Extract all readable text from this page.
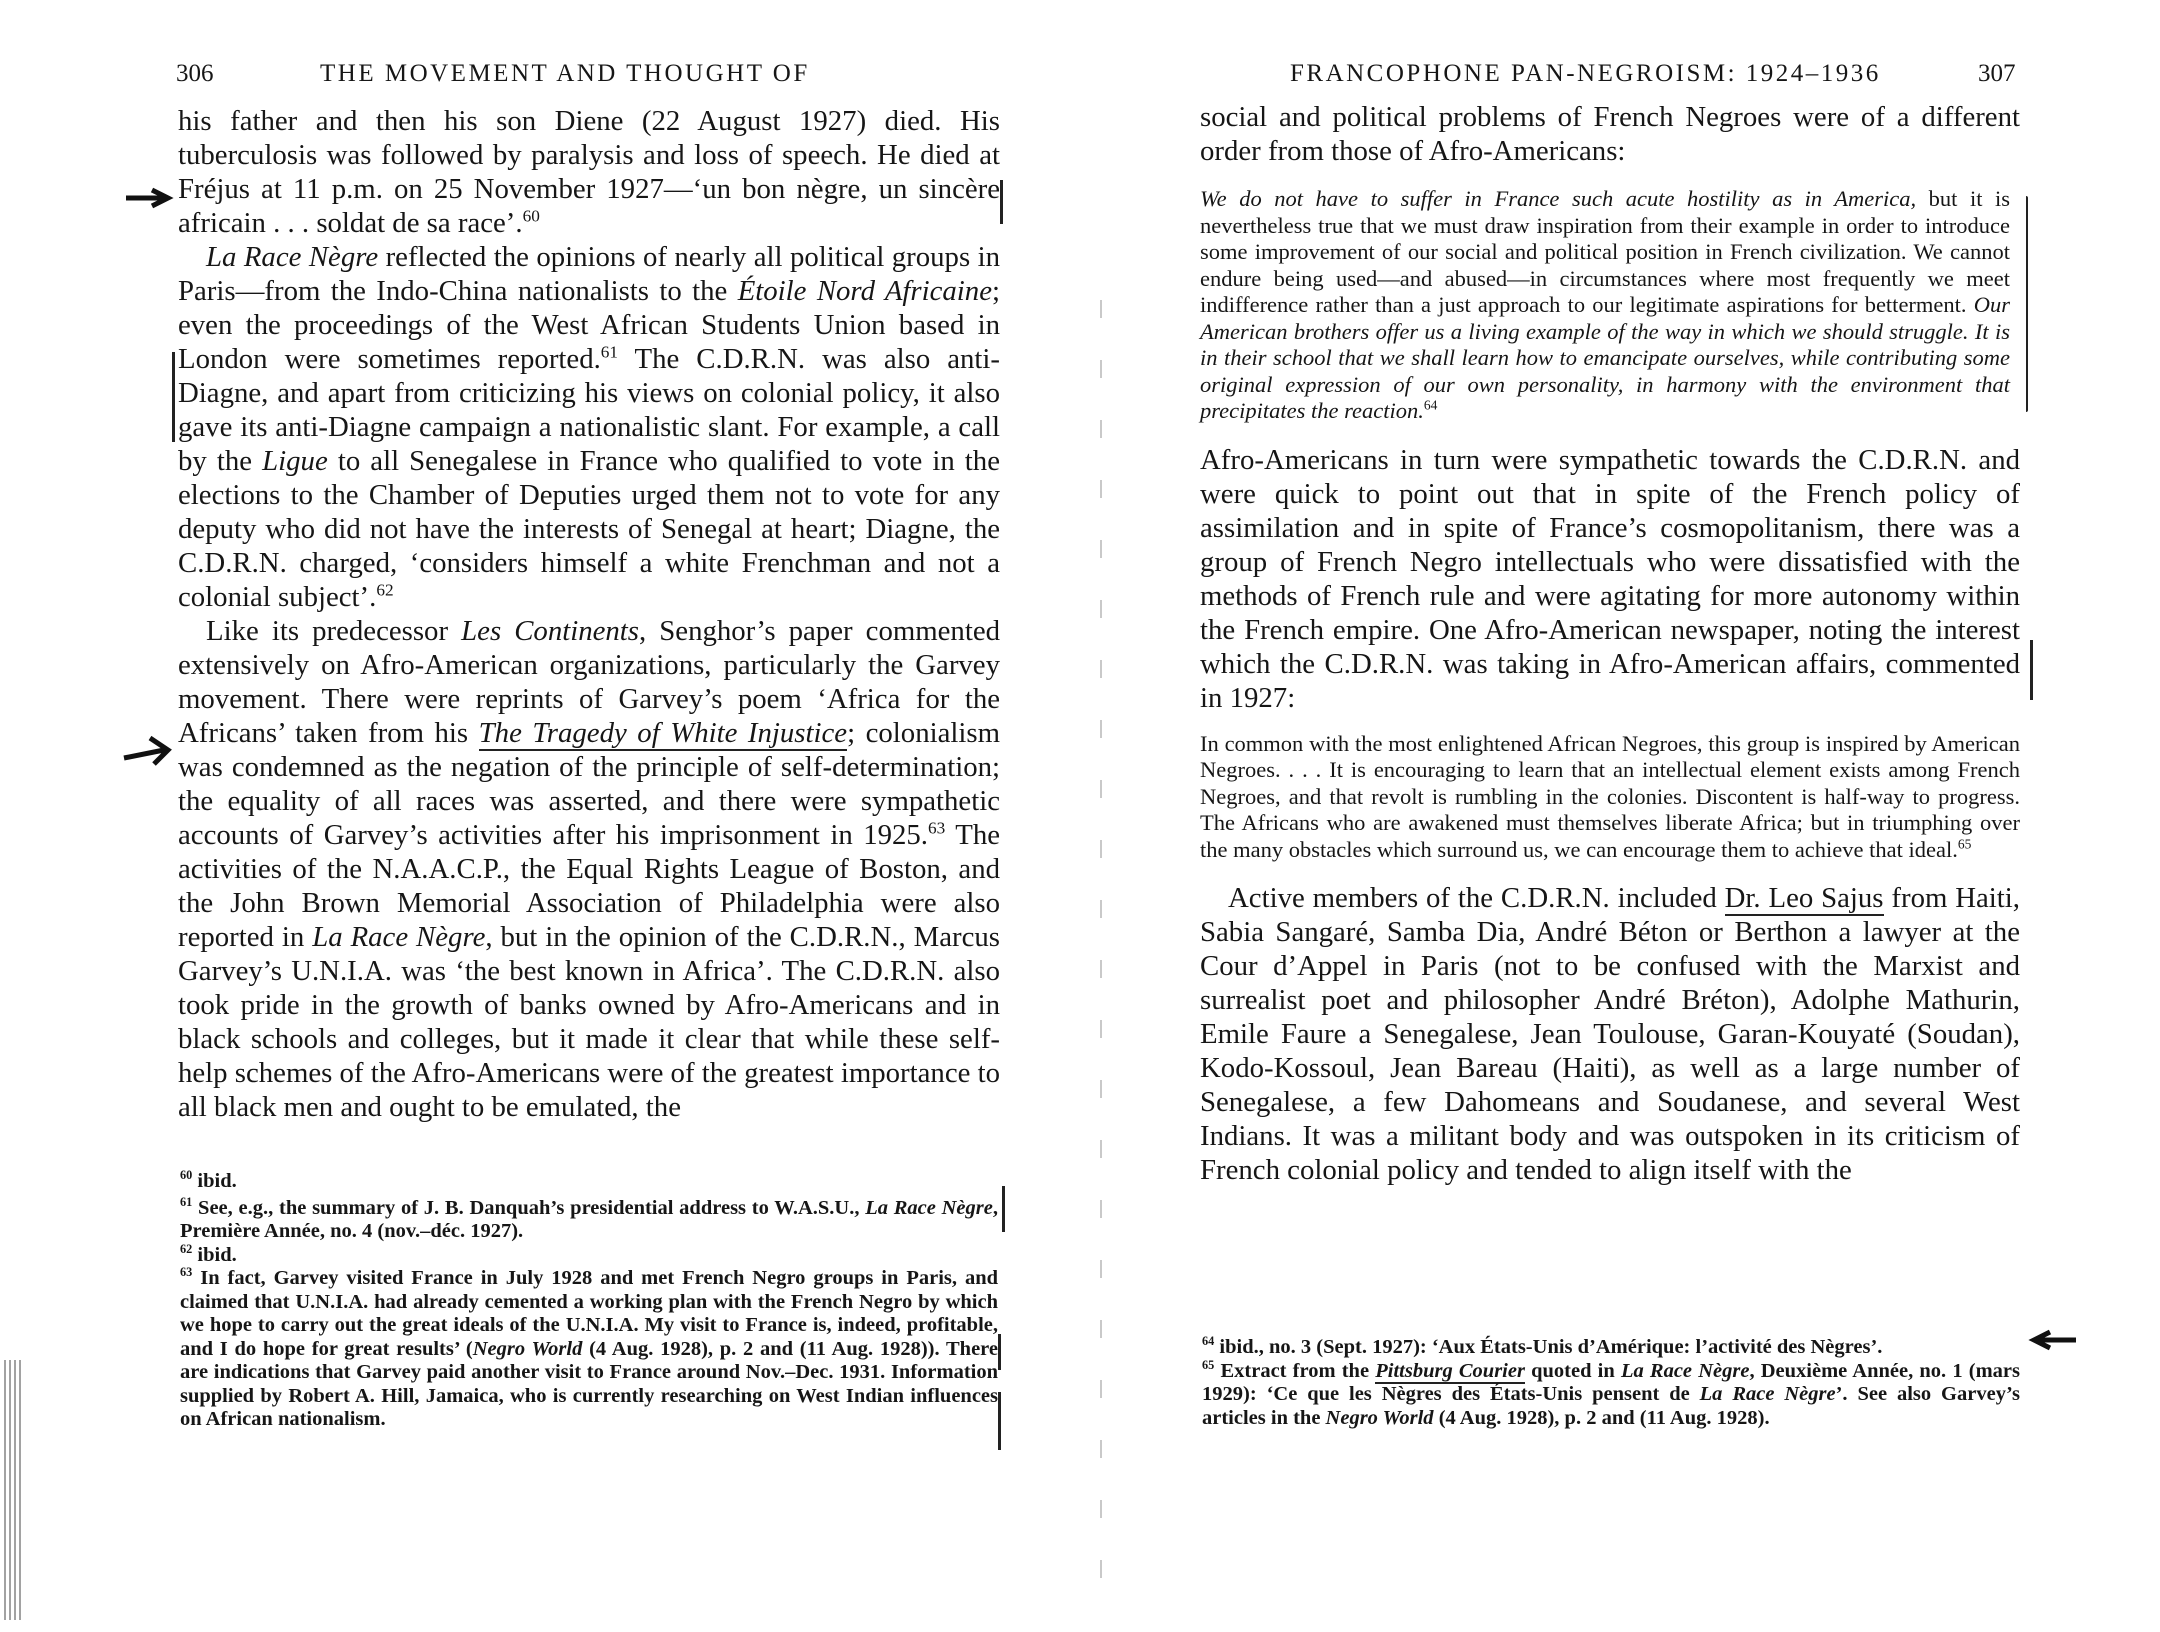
306	THE MOVEMENT AND THOUGHT OF

his father and then his son Diene (22 August 1927) died. His tuberculosis was followed by paralysis and loss of speech. He died at Fréjus at 11 p.m. on 25 November 1927—‘un bon nègre, un sincère africain . . . soldat de sa race’.$^{60}$

La Race Nègre reflected the opinions of nearly all political groups in Paris—from the Indo-China nationalists to the Étoile Nord Africaine; even the proceedings of the West African Students Union based in London were sometimes reported.$^{61}$ The C.D.R.N. was also anti-Diagne, and apart from criticizing his views on colonial policy, it also gave its anti-Diagne campaign a nationalistic slant. For example, a call by the Ligue to all Senegalese in France who qualified to vote in the elections to the Chamber of Deputies urged them not to vote for any deputy who did not have the interests of Senegal at heart; Diagne, the C.D.R.N. charged, ‘considers himself a white Frenchman and not a colonial subject’.$^{62}$

Like its predecessor Les Continents, Senghor’s paper commented extensively on Afro-American organizations, particularly the Garvey movement. There were reprints of Garvey’s poem ‘Africa for the Africans’ taken from his The Tragedy of White Injustice; colonialism was condemned as the negation of the principle of self-determination; the equality of all races was asserted, and there were sympathetic accounts of Garvey’s activities after his imprisonment in 1925.63 The activities of the N.A.A.C.P., the Equal Rights League of Boston, and the John Brown Memorial Association of Philadelphia were also reported in La Race Nègre, but in the opinion of the C.D.R.N., Marcus Garvey’s U.N.I.A. was ‘the best known in Africa’. The C.D.R.N. also took pride in the growth of banks owned by Afro-Americans and in black schools and colleges, but it made it clear that while these self-help schemes of the Afro-Americans were of the greatest importance to all black men and ought to be emulated, the

$^{60}$ ibid.

$^{61}$ See, e.g., the summary of J. B. Danquah’s presidential address to W.A.S.U., La Race Nègre, Première Année, no. 4 (nov.–déc. 1927).

$^{62}$ ibid.

$^{63}$ In fact, Garvey visited France in July 1928 and met French Negro groups in Paris, and claimed that U.N.I.A. had already cemented a working plan with the French Negro by which we hope to carry out the great ideals of the U.N.I.A. My visit to France is, indeed, profitable, and I do hope for great results’ (Negro World (4 Aug. 1928), p. 2 and (11 Aug. 1928)). There are indications that Garvey paid another visit to France around Nov.–Dec. 1931. Information supplied by Robert A. Hill, Jamaica, who is currently researching on West Indian influences on African nationalism.

FRANCOPHONE PAN-NEGROISM: 1924–1936	307

social and political problems of French Negroes were of a different order from those of Afro-Americans:

We do not have to suffer in France such acute hostility as in America, but it is nevertheless true that we must draw inspiration from their example in order to introduce some improvement of our social and political position in French civilization. We cannot endure being used—and abused—in circumstances where most frequently we meet indifference rather than a just approach to our legitimate aspirations for betterment. Our American brothers offer us a living example of the way in which we should struggle. It is in their school that we shall learn how to emancipate ourselves, while contributing some original expression of our own personality, in harmony with the environment that precipitates the reaction.$^{64}$

Afro-Americans in turn were sympathetic towards the C.D.R.N. and were quick to point out that in spite of the French policy of assimilation and in spite of France’s cosmopolitanism, there was a group of French Negro intellectuals who were dissatisfied with the methods of French rule and were agitating for more autonomy within the French empire. One Afro-American newspaper, noting the interest which the C.D.R.N. was taking in Afro-American affairs, commented in 1927:

In common with the most enlightened African Negroes, this group is inspired by American Negroes. . . . It is encouraging to learn that an intellectual element exists among French Negroes, and that revolt is rumbling in the colonies. Discontent is half-way to progress. The Africans who are awakened must themselves liberate Africa; but in triumphing over the many obstacles which surround us, we can encourage them to achieve that ideal.$^{65}$

Active members of the C.D.R.N. included Dr. Leo Sajus from Haiti, Sabia Sangaré, Samba Dia, André Béton or Berthon a lawyer at the Cour d’Appel in Paris (not to be confused with the Marxist and surrealist poet and philosopher André Bréton), Adolphe Mathurin, Emile Faure a Senegalese, Jean Toulouse, Garan-Kouyaté (Soudan), Kodo-Kossoul, Jean Bareau (Haiti), as well as a large number of Senegalese, a few Dahomeans and Soudanese, and several West Indians. It was a militant body and was outspoken in its criticism of French colonial policy and tended to align itself with the

$^{64}$ ibid., no. 3 (Sept. 1927): ‘Aux États-Unis d’Amérique: l’activité des Nègres’.

$^{65}$ Extract from the Pittsburg Courier quoted in La Race Nègre, Deuxième Année, no. 1 (mars 1929): ‘Ce que les Nègres des États-Unis pensent de La Race Nègre’. See also Garvey’s articles in the Negro World (4 Aug. 1928), p. 2 and (11 Aug. 1928).
